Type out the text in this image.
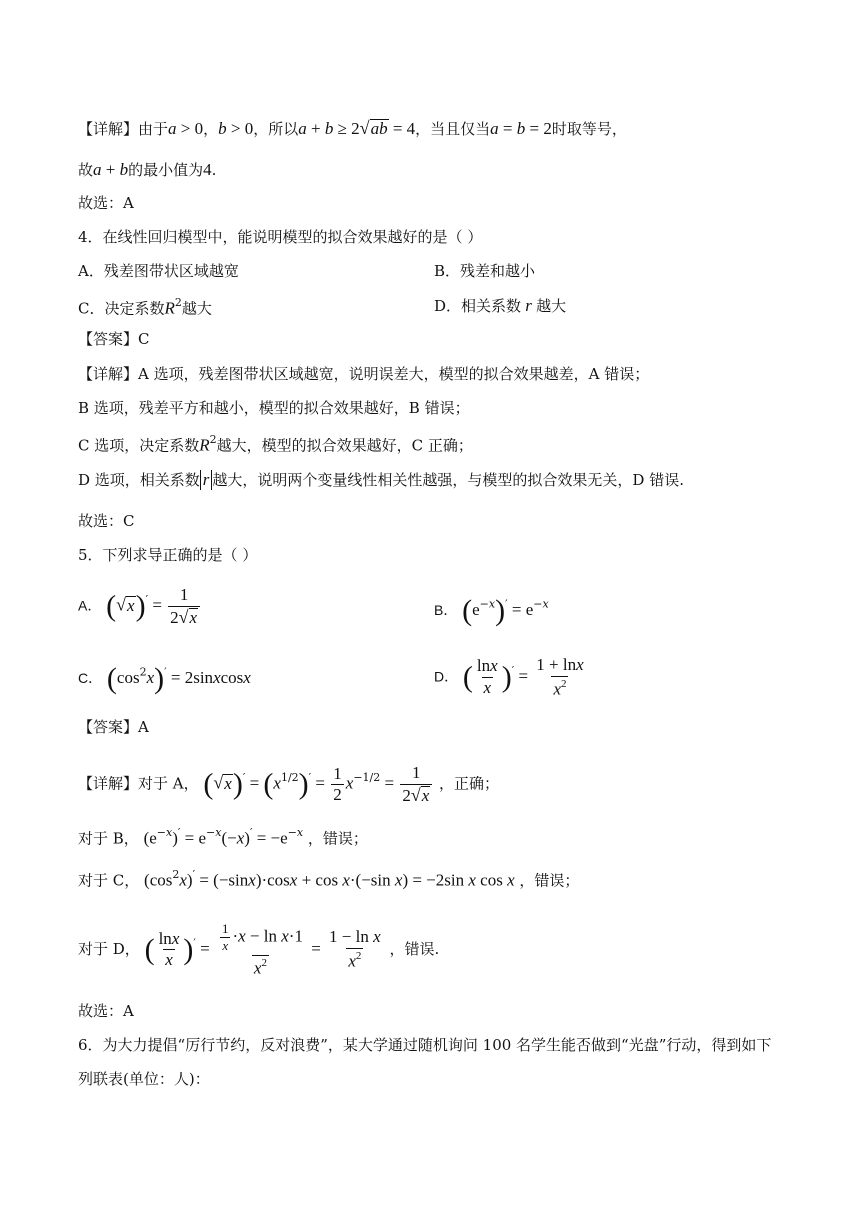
【详解】由于a > 0，b > 0，所以a + b ≥ 2√ab = 4，当且仅当a = b = 2时取等号，
故a + b的最小值为4.
故选：A
4．在线性回归模型中，能说明模型的拟合效果越好的是（ ）
A．残差图带状区域越宽	B．残差和越小
C．决定系数$R^2$越大	D．相关系数 r 越大
【答案】C
【详解】A 选项，残差图带状区域越宽，说明误差大，模型的拟合效果越差，A 错误；
B 选项，残差平方和越小，模型的拟合效果越好，B 错误；
C 选项，决定系数$R^2$越大，模型的拟合效果越好，C 正确；
D 选项，相关系数 r 越大，说明两个变量线性相关性越强，与模型的拟合效果无关，D 错误.
故选：C
5．下列求导正确的是（ ）
A． $(√x)' = \frac{1}{2√x}$	B． $(e^{-x})' = e^{-x}$
C． $(\cos^2x)'$ = 2sinxcosx	D． ( $\frac{\ln x}{x} )' = \frac{1 + \ln x}{x^2}$
【答案】A
【详解】对于 A， $(√x)' = (x^{1/2})' = \frac{1}{2} x^{-1/2} = \frac{1}{2√x}$ ，正确；
对于 B， $(e^{-x})' = e^{-x}(-x)' = -e^{-x}$ ，错误；
对于 C， $(\cos^2x)' = (-\sin x)\cdot\cos x + \cos x\cdot(-\sin$ x) = −2sin x cos x ，错误；
对于 D， ( $\frac{\ln x}{x} )' = \frac{\frac{1}{x} \cdot x - \ln x\cdot 1}{x^2} = \frac{\text{1 − ln x}}{x^2}$ ，错误.
故选：A
6．为大力提倡“厉行节约，反对浪费”，某大学通过随机询问 100 名学生能否做到“光盘”行动，得到如下
列联表(单位：人)：
